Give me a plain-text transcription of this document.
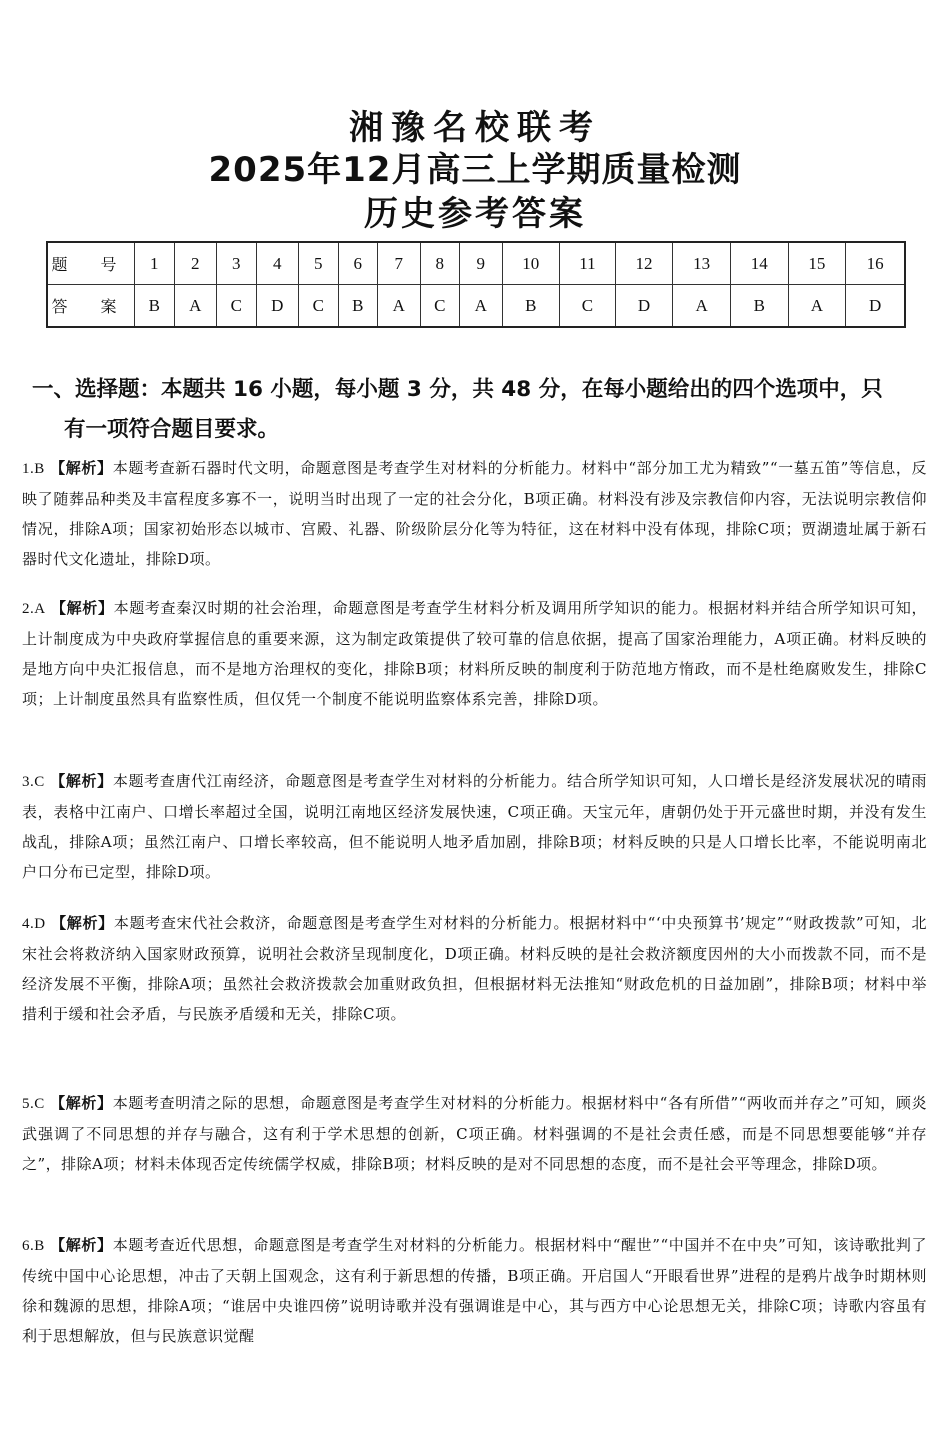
湘豫名校联考
2025年12月高三上学期质量检测
历史参考答案
题 号	1	2	3	4	5	6	7	8	9	10	11	12	13	14	15	16
答 案	B	A	C	D	C	B	A	C	A	B	C	D	A	B	A	D
一、选择题：本题共 16 小题，每小题 3 分，共 48 分，在每小题给出的四个选项中，只
有一项符合题目要求。
1.B 【解析】本题考查新石器时代文明，命题意图是考查学生对材料的分析能力。材料中“部分加工尤为精致”“一墓五笛”等信息，反映了随葬品种类及丰富程度多寡不一，说明当时出现了一定的社会分化，B项正确。材料没有涉及宗教信仰内容，无法说明宗教信仰情况，排除A项；国家初始形态以城市、宫殿、礼器、阶级阶层分化等为特征，这在材料中没有体现，排除C项；贾湖遗址属于新石器时代文化遗址，排除D项。
2.A 【解析】本题考查秦汉时期的社会治理，命题意图是考查学生材料分析及调用所学知识的能力。根据材料并结合所学知识可知，上计制度成为中央政府掌握信息的重要来源，这为制定政策提供了较可靠的信息依据，提高了国家治理能力，A项正确。材料反映的是地方向中央汇报信息，而不是地方治理权的变化，排除B项；材料所反映的制度利于防范地方惰政，而不是杜绝腐败发生，排除C项；上计制度虽然具有监察性质，但仅凭一个制度不能说明监察体系完善，排除D项。
3.C 【解析】本题考查唐代江南经济，命题意图是考查学生对材料的分析能力。结合所学知识可知，人口增长是经济发展状况的晴雨表，表格中江南户、口增长率超过全国，说明江南地区经济发展快速，C项正确。天宝元年，唐朝仍处于开元盛世时期，并没有发生战乱，排除A项；虽然江南户、口增长率较高，但不能说明人地矛盾加剧，排除B项；材料反映的只是人口增长比率，不能说明南北户口分布已定型，排除D项。
4.D 【解析】本题考查宋代社会救济，命题意图是考查学生对材料的分析能力。根据材料中“‘中央预算书’规定”“财政拨款”可知，北宋社会将救济纳入国家财政预算，说明社会救济呈现制度化，D项正确。材料反映的是社会救济额度因州的大小而拨款不同，而不是经济发展不平衡，排除A项；虽然社会救济拨款会加重财政负担，但根据材料无法推知“财政危机的日益加剧”，排除B项；材料中举措利于缓和社会矛盾，与民族矛盾缓和无关，排除C项。
5.C 【解析】本题考查明清之际的思想，命题意图是考查学生对材料的分析能力。根据材料中“各有所借”“两收而并存之”可知，顾炎武强调了不同思想的并存与融合，这有利于学术思想的创新，C项正确。材料强调的不是社会责任感，而是不同思想要能够“并存之”，排除A项；材料未体现否定传统儒学权威，排除B项；材料反映的是对不同思想的态度，而不是社会平等理念，排除D项。
6.B 【解析】本题考查近代思想，命题意图是考查学生对材料的分析能力。根据材料中“醒世”“中国并不在中央”可知，该诗歌批判了传统中国中心论思想，冲击了天朝上国观念，这有利于新思想的传播，B项正确。开启国人“开眼看世界”进程的是鸦片战争时期林则徐和魏源的思想，排除A项；“谁居中央谁四傍”说明诗歌并没有强调谁是中心，其与西方中心论思想无关，排除C项；诗歌内容虽有利于思想解放，但与民族意识觉醒
